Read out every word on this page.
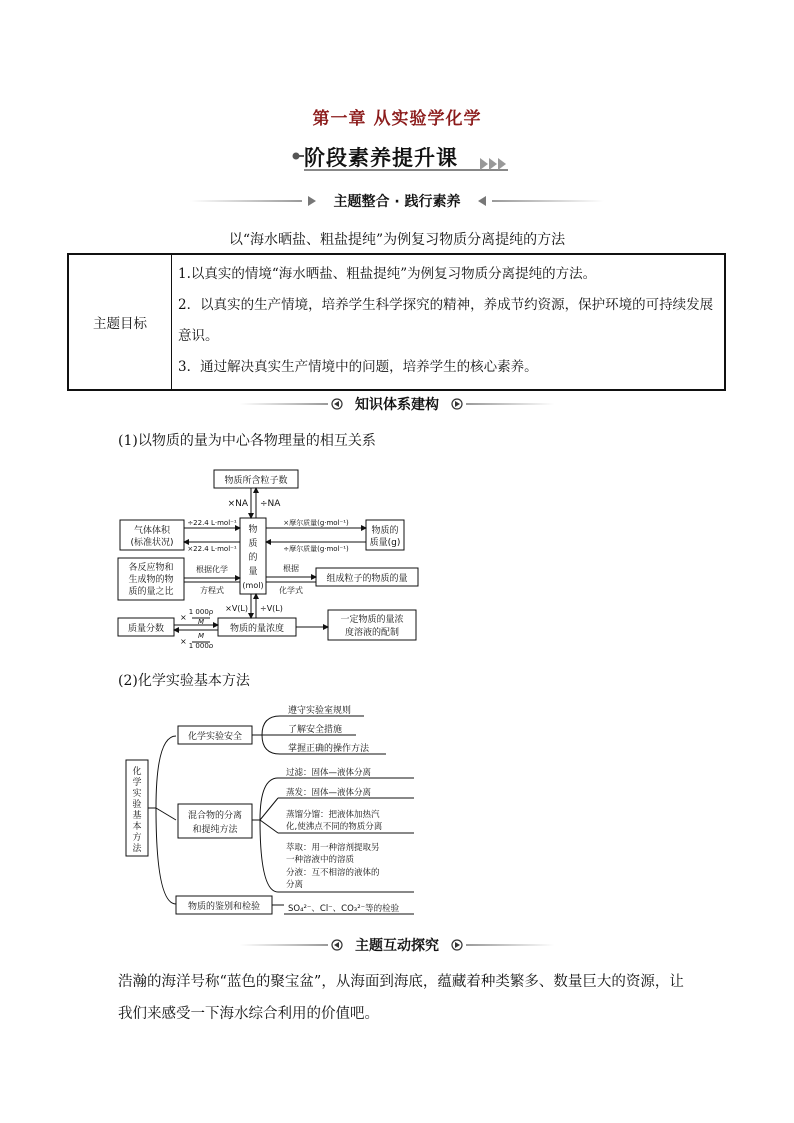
第一章 从实验学化学
阶段素养提升课
主题整合 · 践行素养
以“海水晒盐、粗盐提纯”为例复习物质分离提纯的方法
主题目标	
1.以真实的情境“海水晒盐、粗盐提纯”为例复习物质分离提纯的方法。
2．以真实的生产情境，培养学生科学探究的精神，养成节约资源，保护环境的可持续发展意识。
3．通过解决真实生产情境中的问题，培养学生的核心素养。
知识体系建构
(1)以物质的量为中心各物理量的相互关系
物质所含粒子数
×NA ÷NA
气体体积
(标准状况)
÷22.4 L·mol⁻¹
×22.4 L·mol⁻¹
物
质
的
量
(mol)
×摩尔质量(g·mol⁻¹)
÷摩尔质量(g·mol⁻¹)
物质的
质量(g)
各反应物和
生成物的物
质的量之比
根据化学
方程式
根据
化学式
组成粒子的物质的量
×V(L) ÷V(L)
质量分数
×
1 000ρ
M
×
M
1 000ρ
物质的量浓度
一定物质的量浓
度溶液的配制
(2)化学实验基本方法
化
学
实
验
基
本
方
法
化学实验安全
遵守实验室规则
了解安全措施
掌握正确的操作方法
混合物的分离
和提纯方法
过滤：固体—液体分离
蒸发：固体—液体分离
蒸馏分馏：把液体加热汽
化,使沸点不同的物质分离
萃取：用一种溶剂提取另
一种溶液中的溶质
分液：互不相溶的液体的
分离
物质的鉴别和检验	SO₄²⁻、Cl⁻、CO₃²⁻等的检验
主题互动探究
浩瀚的海洋号称“蓝色的聚宝盆”，从海面到海底，蕴藏着种类繁多、数量巨大的资源，让我们来感受一下海水综合利用的价值吧。
